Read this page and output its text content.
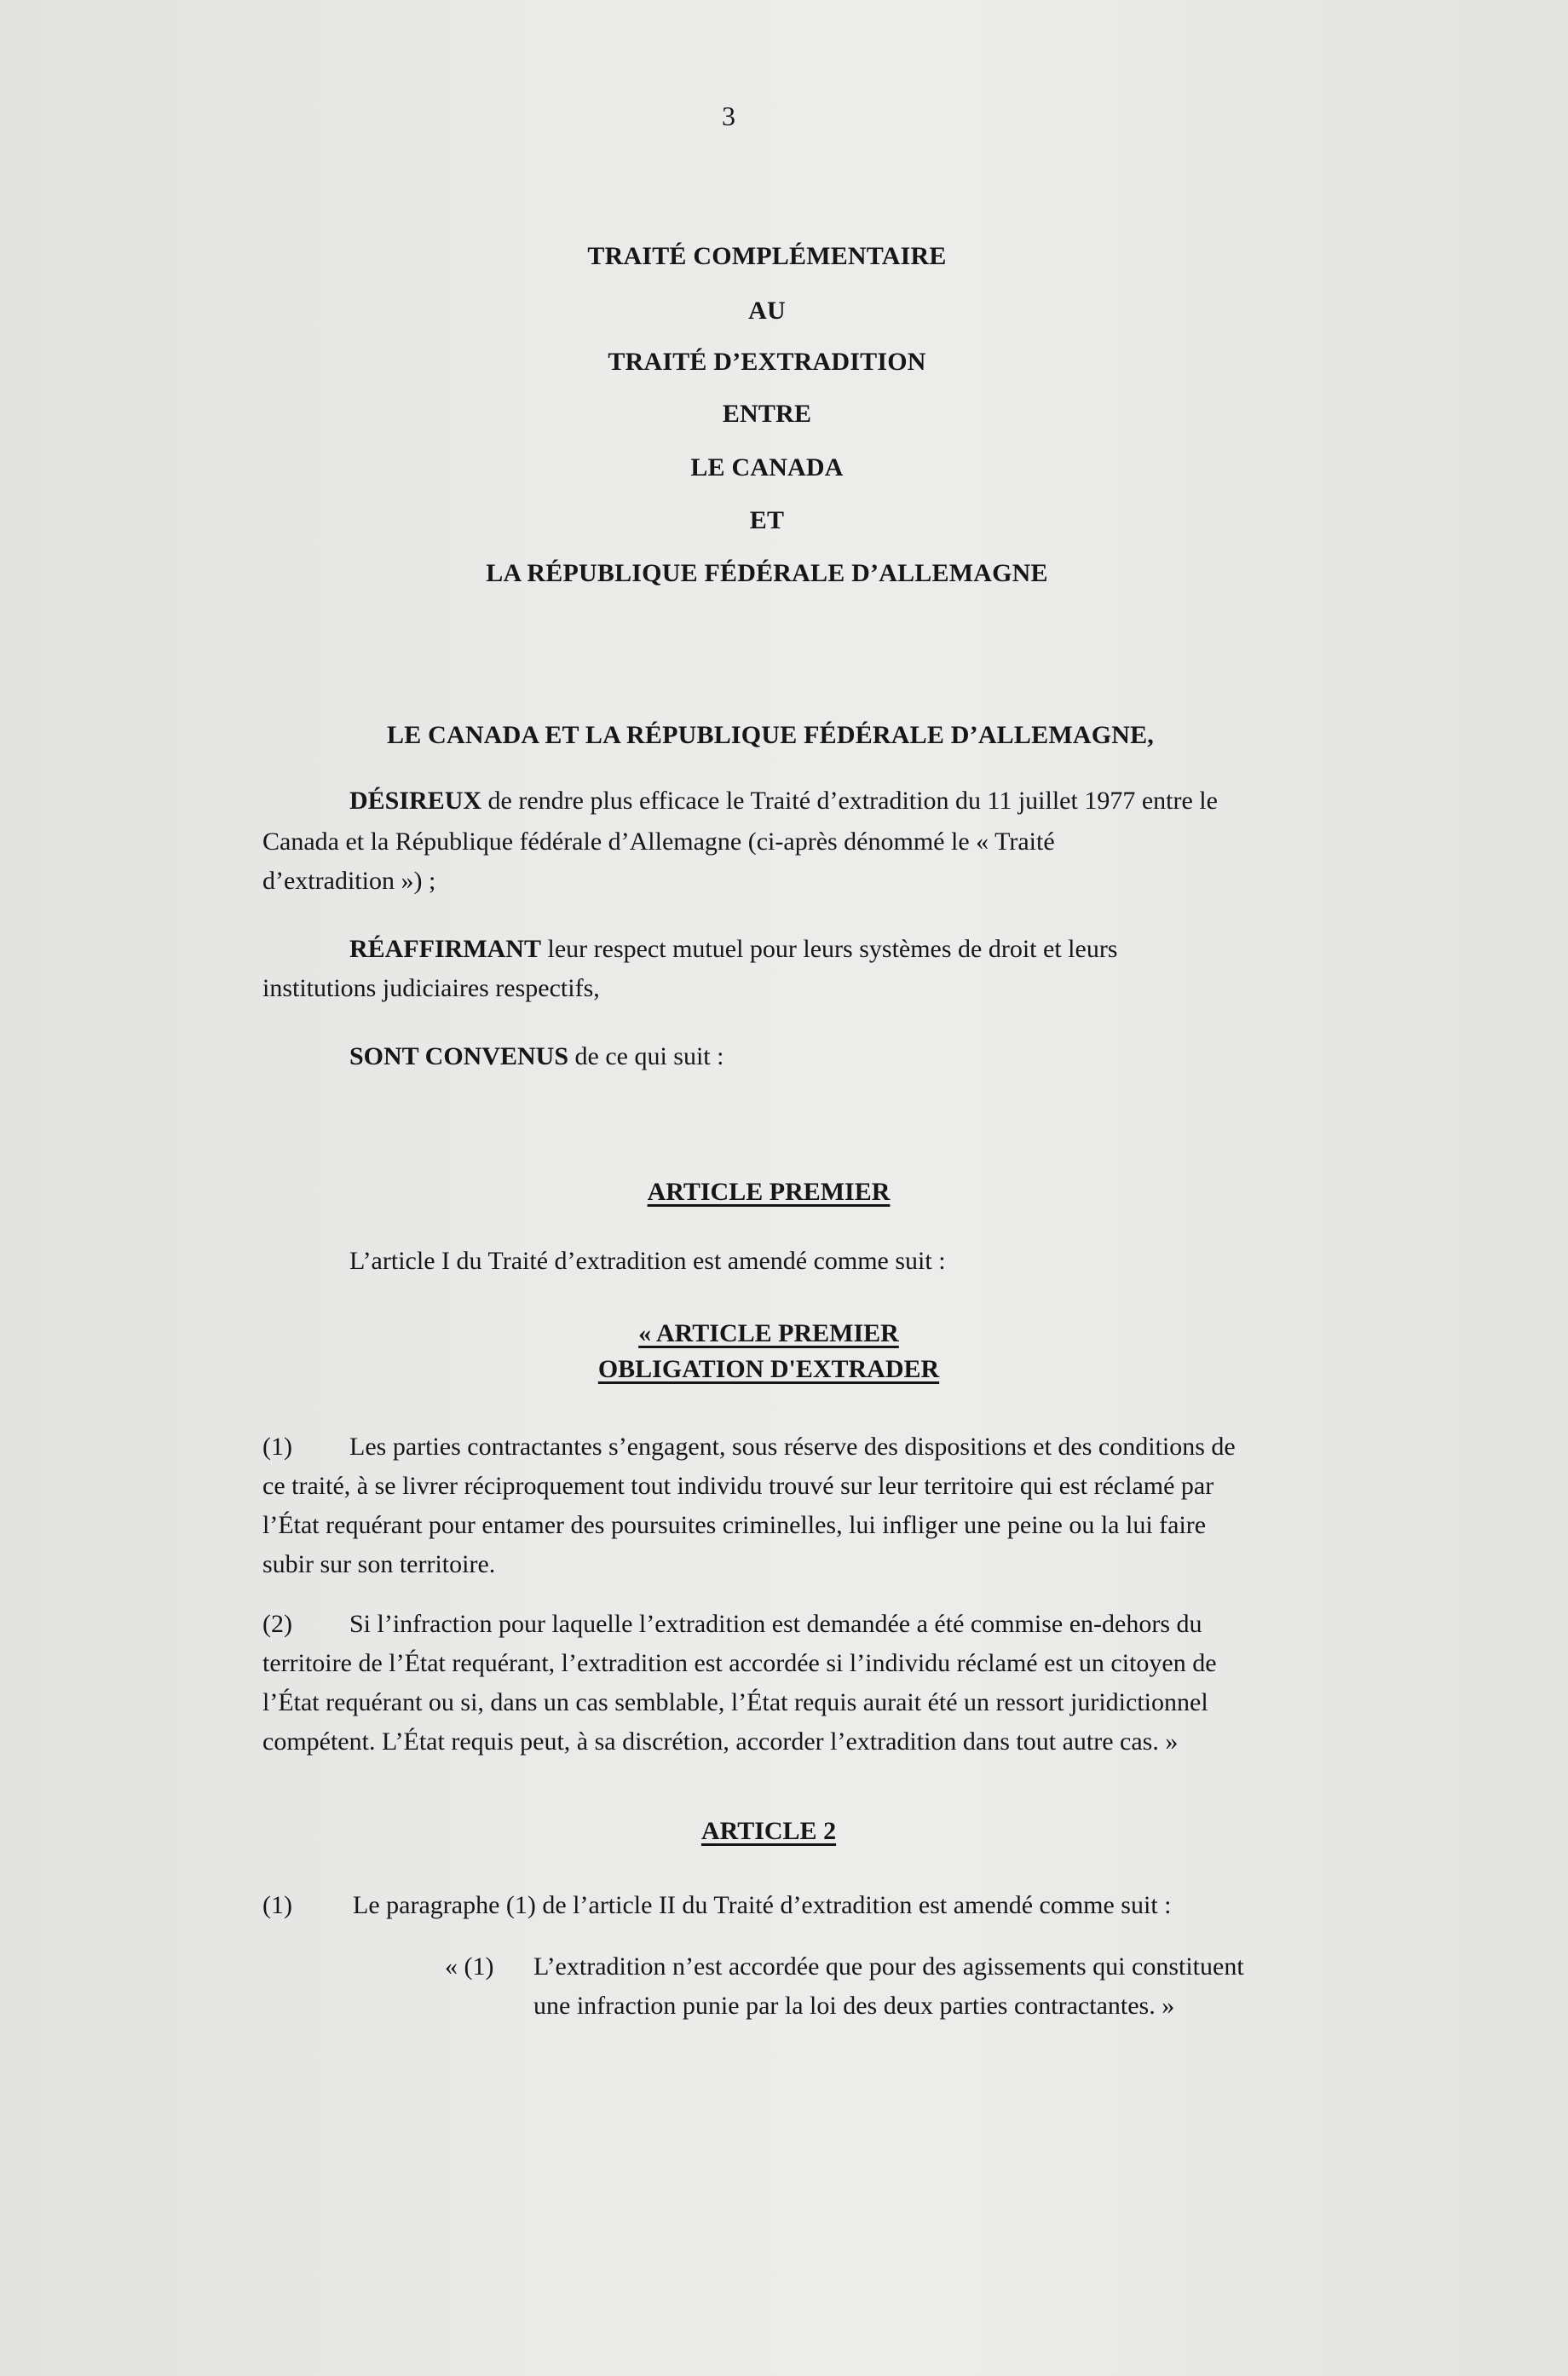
3
TRAITÉ COMPLÉMENTAIRE
AU
TRAITÉ D’EXTRADITION
ENTRE
LE CANADA
ET
LA RÉPUBLIQUE FÉDÉRALE D’ALLEMAGNE
LE CANADA ET LA RÉPUBLIQUE FÉDÉRALE D’ALLEMAGNE,
DÉSIREUX de rendre plus efficace le Traité d’extradition du 11 juillet 1977 entre le
Canada et la République fédérale d’Allemagne (ci-après dénommé le « Traité
d’extradition ») ;
RÉAFFIRMANT leur respect mutuel pour leurs systèmes de droit et leurs
institutions judiciaires respectifs,
SONT CONVENUS de ce qui suit :
ARTICLE PREMIER
L’article I du Traité d’extradition est amendé comme suit :
« ARTICLE PREMIER
OBLIGATION D'EXTRADER
(1) Les parties contractantes s’engagent, sous réserve des dispositions et des conditions de
ce traité, à se livrer réciproquement tout individu trouvé sur leur territoire qui est réclamé par
l’État requérant pour entamer des poursuites criminelles, lui infliger une peine ou la lui faire
subir sur son territoire.
(2) Si l’infraction pour laquelle l’extradition est demandée a été commise en-dehors du
territoire de l’État requérant, l’extradition est accordée si l’individu réclamé est un citoyen de
l’État requérant ou si, dans un cas semblable, l’État requis aurait été un ressort juridictionnel
compétent. L’État requis peut, à sa discrétion, accorder l’extradition dans tout autre cas. »
ARTICLE 2
(1) Le paragraphe (1) de l’article II du Traité d’extradition est amendé comme suit :
« (1) L’extradition n’est accordée que pour des agissements qui constituent
une infraction punie par la loi des deux parties contractantes. »
